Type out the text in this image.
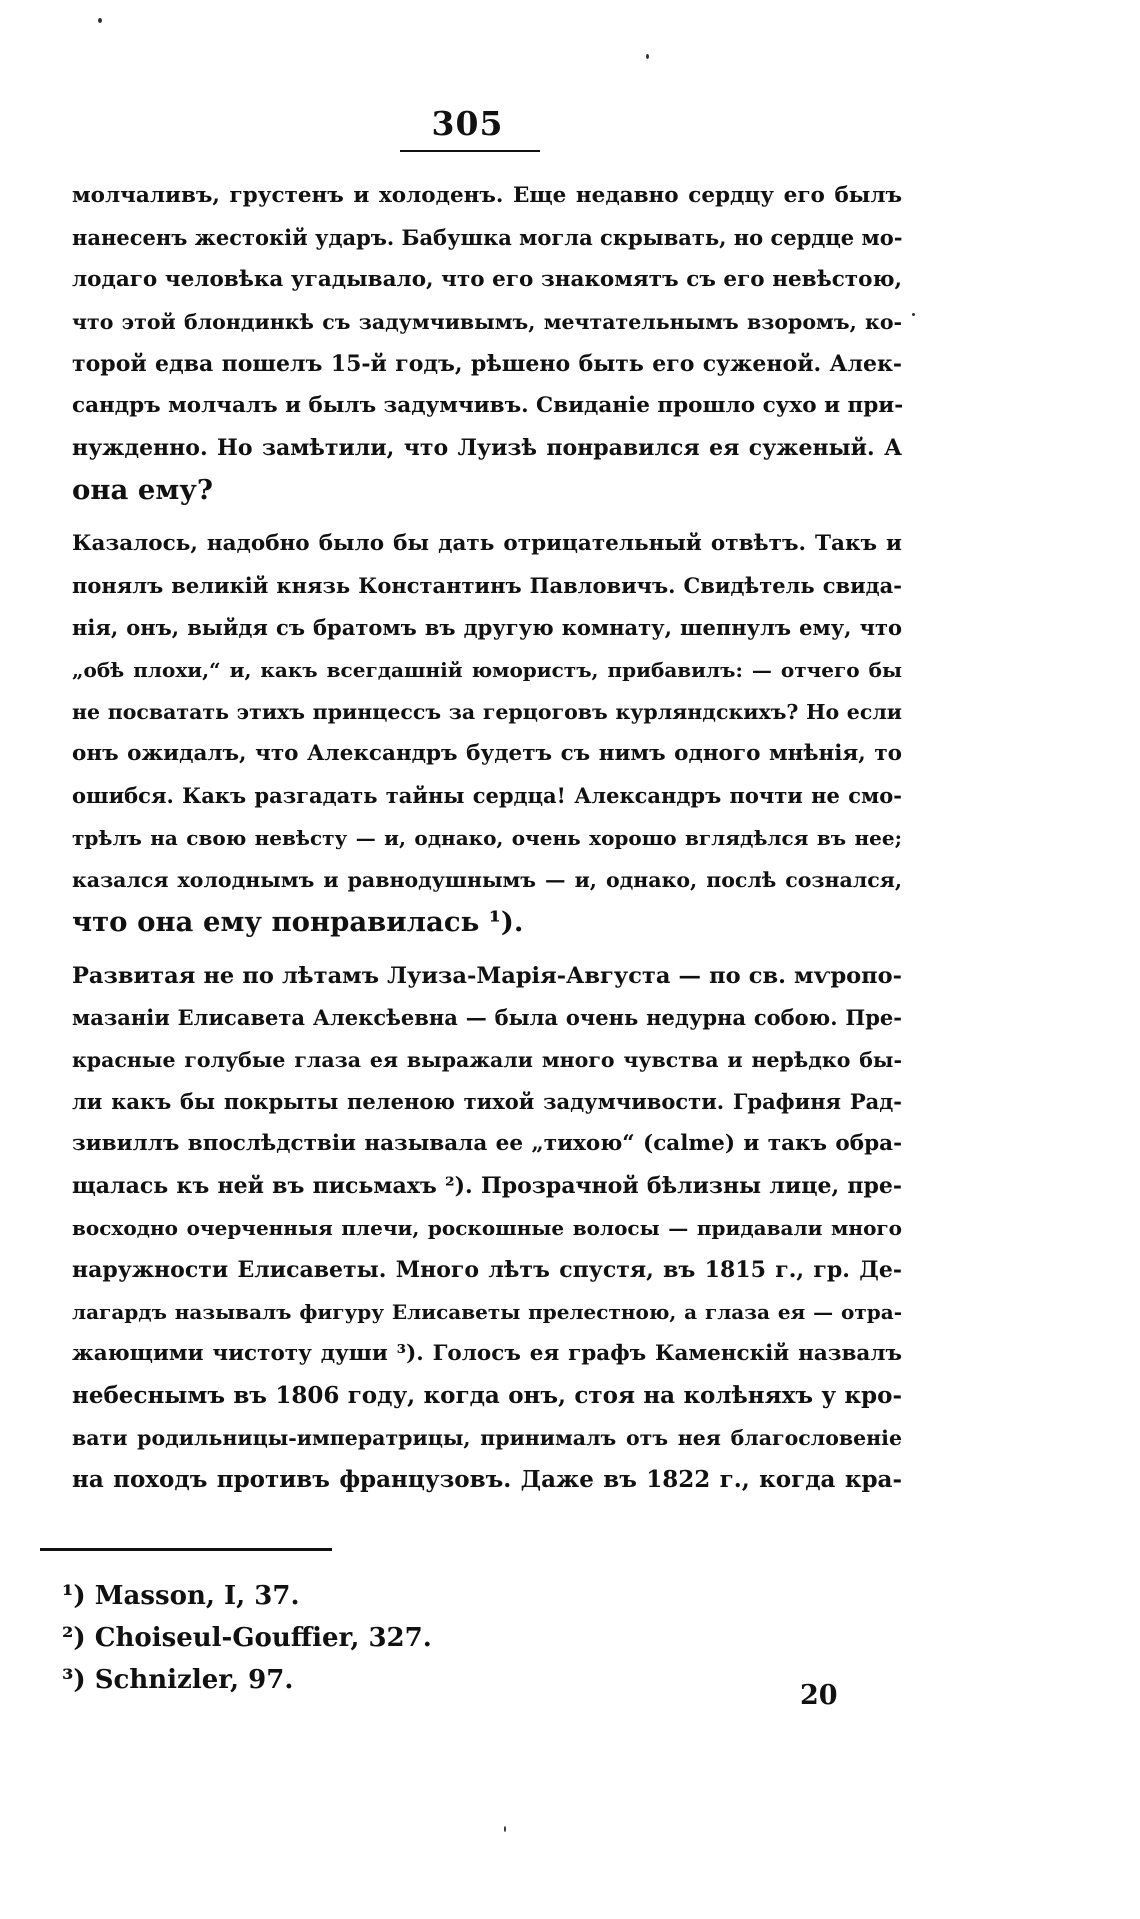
305
молчаливъ, грустенъ и холоденъ. Еще недавно сердцу его былъ
нанесенъ жестокій ударъ. Бабушка могла скрывать, но сердце мо-
лодаго человѣка угадывало, что его знакомятъ съ его невѣстою,
что этой блондинкѣ съ задумчивымъ, мечтательнымъ взоромъ, ко-
торой едва пошелъ 15-й годъ, рѣшено быть его суженой. Алек-
сандръ молчалъ и былъ задумчивъ. Свиданіе прошло сухо и при-
нужденно. Но замѣтили, что Луизѣ понравился ея суженый. А
она ему?
Казалось, надобно было бы дать отрицательный отвѣтъ. Такъ и
понялъ великій князь Константинъ Павловичъ. Свидѣтель свида-
нія, онъ, выйдя съ братомъ въ другую комнату, шепнулъ ему, что
„обѣ плохи,“ и, какъ всегдашній юмористъ, прибавилъ: — отчего бы
не посватать этихъ принцессъ за герцоговъ курляндскихъ? Но если
онъ ожидалъ, что Александръ будетъ съ нимъ одного мнѣнія, то
ошибся. Какъ разгадать тайны сердца! Александръ почти не смо-
трѣлъ на свою невѣсту — и, однако, очень хорошо вглядѣлся въ нее;
казался холоднымъ и равнодушнымъ — и, однако, послѣ сознался,
что она ему понравилась ¹).
Развитая не по лѣтамъ Луиза-Марія-Августа — по св. мѵропо-
мазаніи Елисавета Алексѣевна — была очень недурна собою. Пре-
красные голубые глаза ея выражали много чувства и нерѣдко бы-
ли какъ бы покрыты пеленою тихой задумчивости. Графиня Рад-
зивиллъ впослѣдствіи называла ее „тихою“ (calme) и такъ обра-
щалась къ ней въ письмахъ ²). Прозрачной бѣлизны лице, пре-
восходно очерченныя плечи, роскошные волосы — придавали много
наружности Елисаветы. Много лѣтъ спустя, въ 1815 г., гр. Де-
лагардъ называлъ фигуру Елисаветы прелестною, а глаза ея — отра-
жающими чистоту души ³). Голосъ ея графъ Каменскій назвалъ
небеснымъ въ 1806 году, когда онъ, стоя на колѣняхъ у кро-
вати родильницы-императрицы, принималъ отъ нея благословеніе
на походъ противъ французовъ. Даже въ 1822 г., когда кра-
¹) Masson, I, 37.
²) Choiseul-Gouffier, 327.
³) Schnizler, 97.	20
